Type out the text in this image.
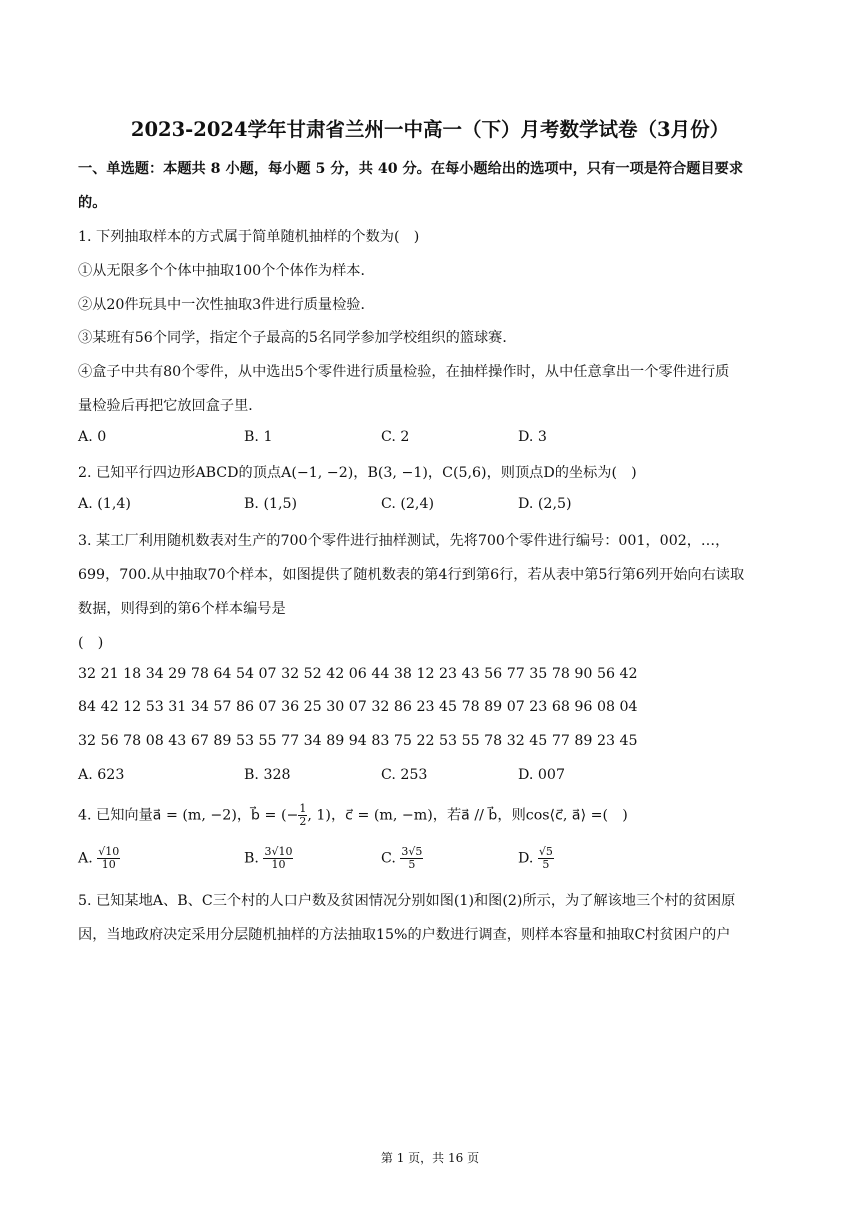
2023-2024学年甘肃省兰州一中高一（下）月考数学试卷（3月份）
一、单选题：本题共 8 小题，每小题 5 分，共 40 分。在每小题给出的选项中，只有一项是符合题目要求
的。
1. 下列抽取样本的方式属于简单随机抽样的个数为(　)
①从无限多个个体中抽取100个个体作为样本．
②从20件玩具中一次性抽取3件进行质量检验．
③某班有56个同学，指定个子最高的5名同学参加学校组织的篮球赛．
④盒子中共有80个零件，从中选出5个零件进行质量检验，在抽样操作时，从中任意拿出一个零件进行质
量检验后再把它放回盒子里．
A. 0	B. 1	C. 2	D. 3
2. 已知平行四边形ABCD的顶点A(−1, −2)，B(3, −1)，C(5,6)，则顶点D的坐标为(　)
A. (1,4)	B. (1,5)	C. (2,4)	D. (2,5)
3. 某工厂利用随机数表对生产的700个零件进行抽样测试，先将700个零件进行编号：001，002，…，
699，700.从中抽取70个样本，如图提供了随机数表的第4行到第6行，若从表中第5行第6列开始向右读取
数据，则得到的第6个样本编号是
(　)
32 21 18 34 29 78 64 54 07 32 52 42 06 44 38 12 23 43 56 77 35 78 90 56 42
84 42 12 53 31 34 57 86 07 36 25 30 07 32 86 23 45 78 89 07 23 68 96 08 04
32 56 78 08 43 67 89 53 55 77 34 89 94 83 75 22 53 55 78 32 45 77 89 23 45
A. 623	B. 328	C. 253	D. 007
4. 已知向量a⃗ = (m, −2)，b⃗ = (− $\frac{1}{2}$ , 1)，c⃗ = (m, −m)，若a⃗ // b⃗，则cos⟨c⃗, a⃗⟩ =(　)
A. $\frac{√10}{10}$	B. $\frac{3√10}{10}$	C. $\frac{3√5}{5}$	D. $\frac{√5}{5}$
5. 已知某地A、B、C三个村的人口户数及贫困情况分别如图(1)和图(2)所示，为了解该地三个村的贫困原
因，当地政府决定采用分层随机抽样的方法抽取15%的户数进行调查，则样本容量和抽取C村贫困户的户
第 1 页，共 16 页
